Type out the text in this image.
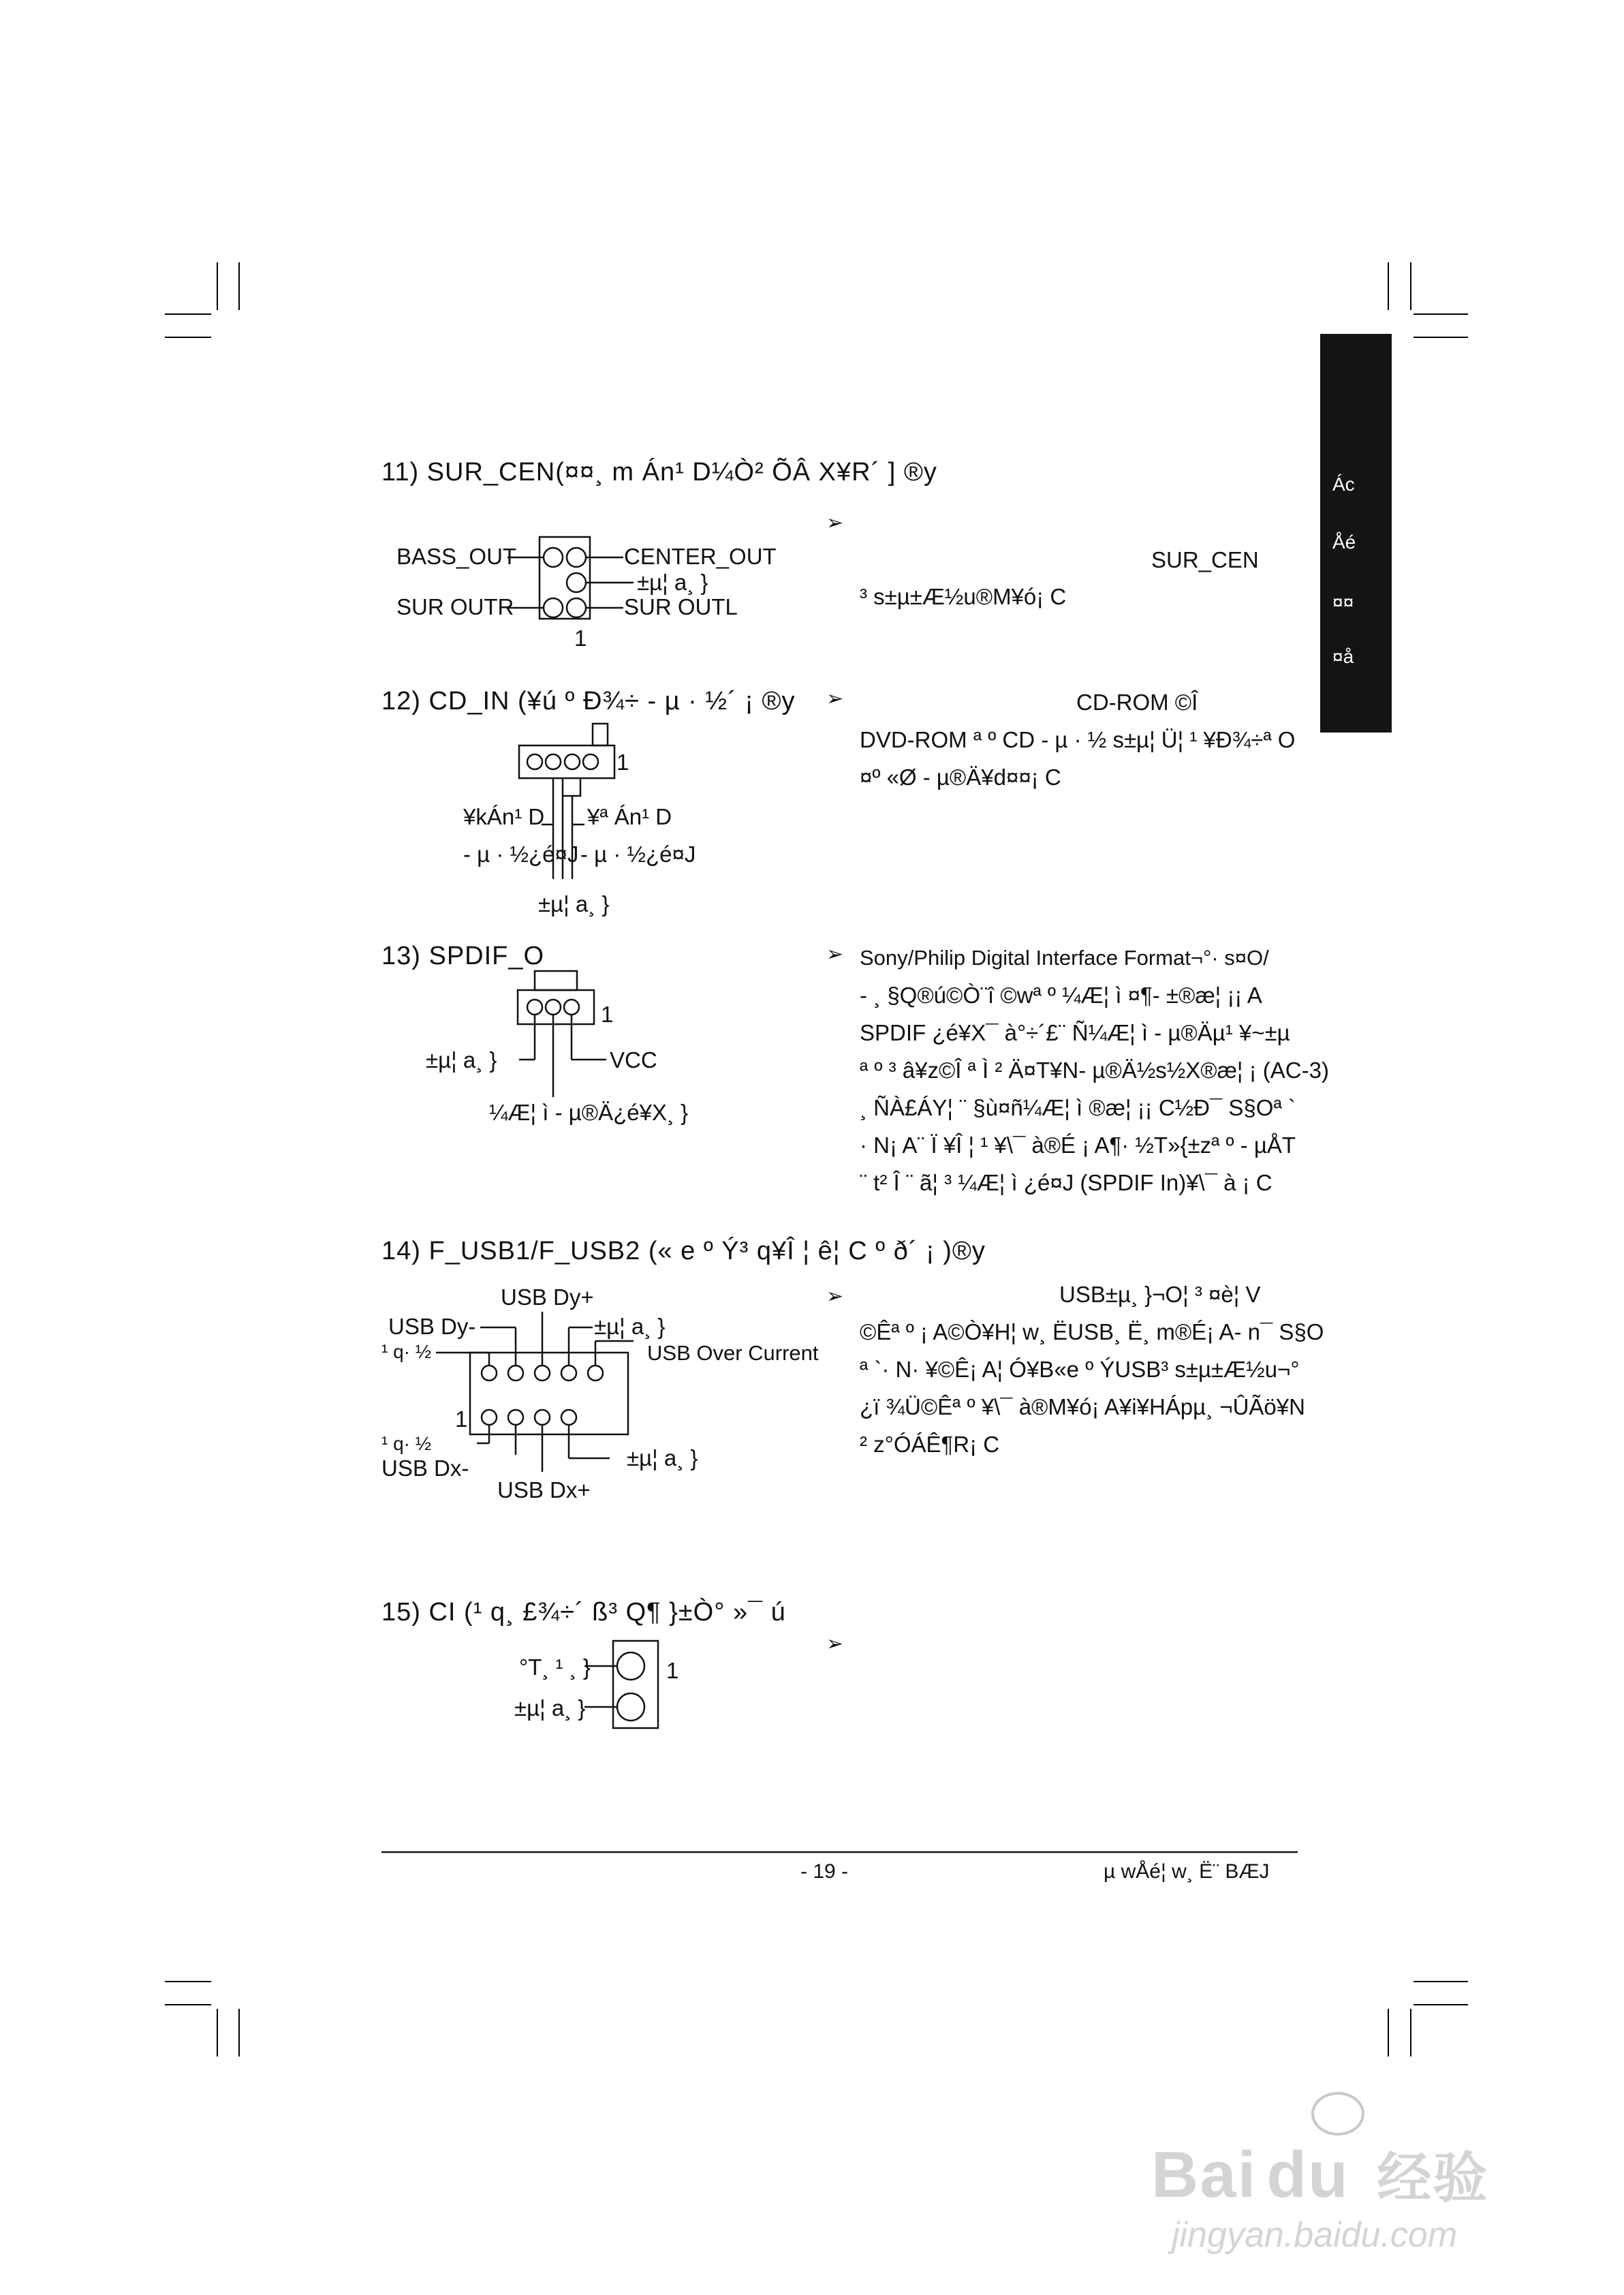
Ác
Åé
¤¤
¤å
11) SUR_CEN(¤¤¸ m Án¹ D¼Ò² ÕÂ X¥R´ ] ®y
BASS_OUT
SUR OUTR
CENTER_OUT
±µ¦ a¸ }
SUR OUTL
1
➢
SUR_CEN
³ s±µ±Æ½u®M¥ó¡ C
12) CD_IN (¥ú º Ð¾÷ - µ · ½´ ¡ ®y
1
¥kÁn¹ D
- µ · ½¿é¤J
¥ª Án¹ D
- µ · ½¿é¤J
±µ¦ a¸ }
➢	CD-ROM ©Î
DVD-ROM ª º CD - µ · ½ s±µ¦ Ü¦ ¹ ¥Ð¾÷ª O
¤º «Ø - µ®Ä¥d¤¤¡ C
13) SPDIF_O
1
±µ¦ a¸ }	VCC
¼Æ¦ ì - µ®Ä¿é¥X¸ }
➢ Sony/Philip Digital Interface Format¬°· s¤O/
- ¸ §Q®ú©Ò¨î ©wª º ¼Æ¦ ì ¤¶- ±®æ¦ ¡¡ A
SPDIF ¿é¥X¯ à°÷´£¨ Ñ¼Æ¦ ì - µ®Äµ¹ ¥~±µ
ª º ³ â¥z©Î ª Ì ² Ä¤T¥N- µ®Ä½s½X®æ¦ ¡ (AC-3)
¸ ÑÀ£ÁY¦ ¨ §ù¤ñ¼Æ¦ ì ®æ¦ ¡¡ C½Ð¯ S§Oª `
· N¡ A¨ Ï ¥Î ¦ ¹ ¥\¯ à®É ¡ A¶· ½T»{±zª º - µÅT
¨ t² Î ¨ ã¦ ³ ¼Æ¦ ì ¿é¤J (SPDIF In)¥\¯ à ¡ C
14) F_USB1/F_USB2 (« e º Ý³ q¥Î ¦ ê¦ C º ð´ ¡ )®y
USB Dy+
USB Dy-
¹ q· ½
±µ¦ a¸ }
USB Over Current
1
¹ q· ½
USB Dx-
USB Dx+
±µ¦ a¸ }
➢	USB±µ¸ }¬O¦ ³ ¤è¦ V
©Êª º ¡ A©Ò¥H¦ w¸ ËUSB¸ Ë¸ m®É¡ A- n¯ S§O
ª `· N· ¥©Ê¡ A¦ Ó¥B«e º ÝUSB³ s±µ±Æ½u¬°
¿ï ¾Ü©Êª º ¥\¯ à®M¥ó¡ A¥i¥HÁpµ¸ ¬ÛÃö¥N
² z°ÓÁÊ¶R¡ C
15) CI (¹ q¸ £¾÷´ ß³ Q¶ }±Ò° »¯ ú
°T¸ ¹ ¸ }
±µ¦ a¸ }
1
➢
- 19 -	µ wÅé¦ w¸ Ë¨ BÆJ
Bai du 经验
jingyan.baidu.com
